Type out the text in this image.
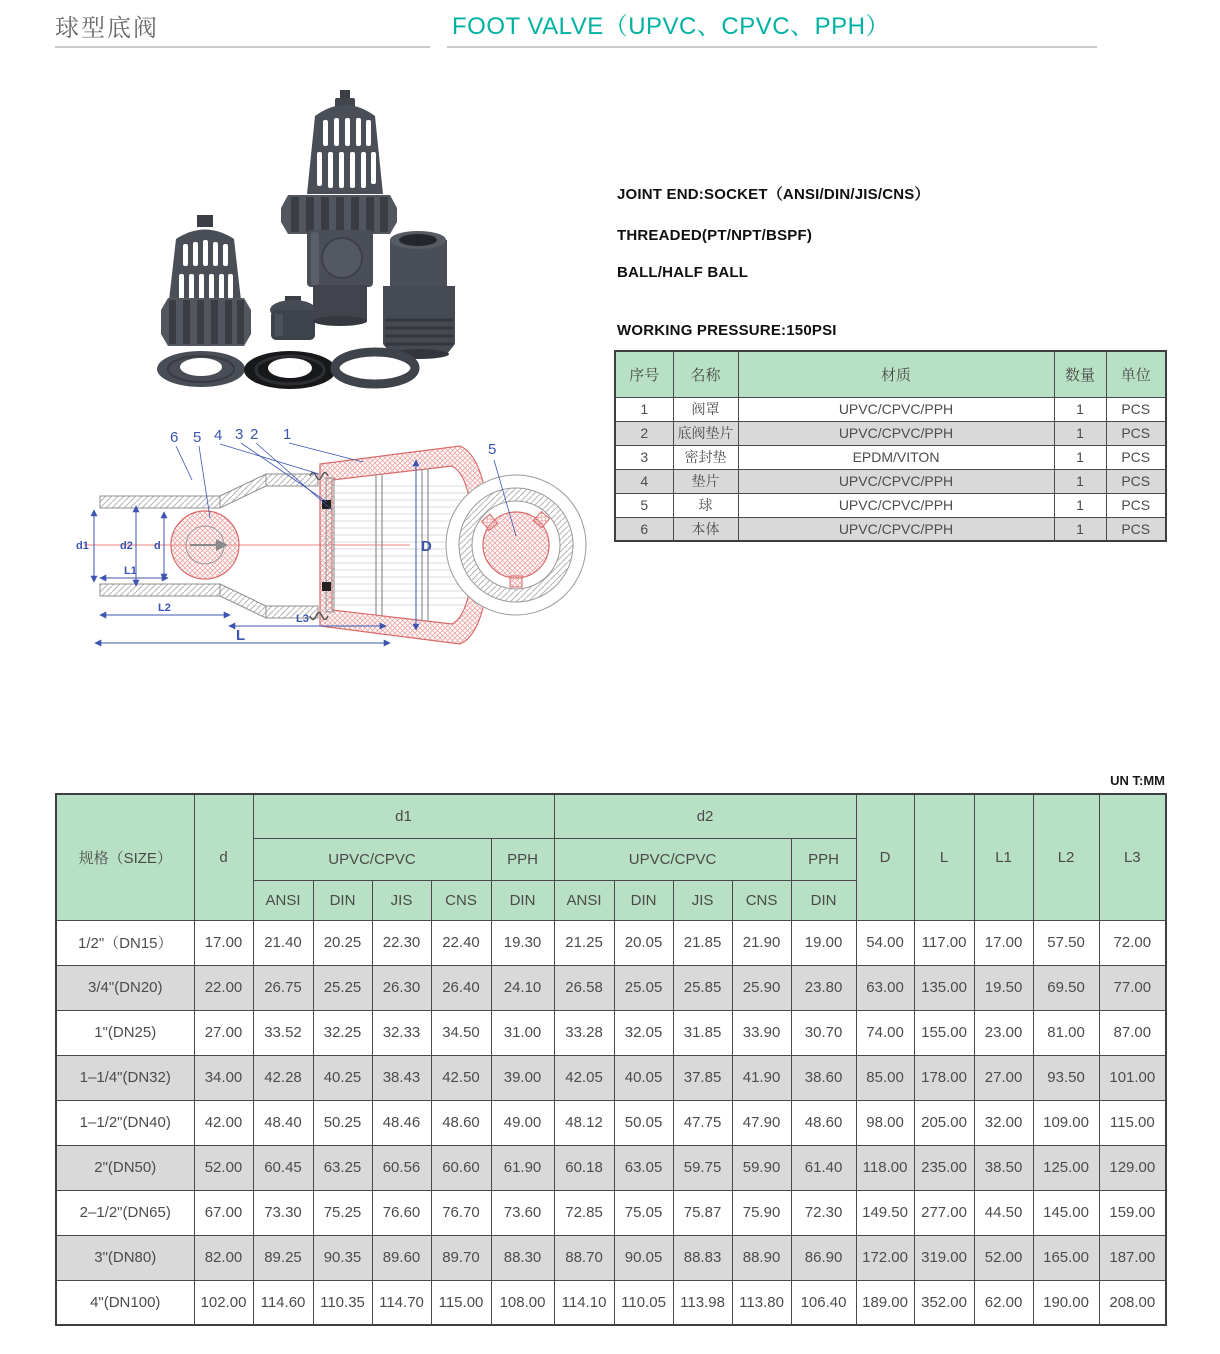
球型底阀	FOOT VALVE（UPVC、CPVC、PPH）
JOINT END:SOCKET（ANSI/DIN/JIS/CNS）
THREADED(PT/NPT/BSPF)
BALL/HALF BALL
WORKING PRESSURE:150PSI
序号	名称	材质	数量	单位
1	阀罩	UPVC/CPVC/PPH	1	PCS
2	底阀垫片	UPVC/CPVC/PPH	1	PCS
3	密封垫	EPDM/VITON	1	PCS
4	垫片	UPVC/CPVC/PPH	1	PCS
5	球	UPVC/CPVC/PPH	1	PCS
6	本体	UPVC/CPVC/PPH	1	PCS
6 5 4 3 2 1
d1	d2 d
L1
L2
L3
L
D
5
UN T:MM
规格（SIZE）	d	d1					d2					D	L	L1	L2	L3
		UPVC/CPVC				PPH	UPVC/CPVC				PPH					
		ANSI	DIN	JIS	CNS	DIN	ANSI	DIN	JIS	CNS	DIN					
1/2"（DN15）	17.00	21.40	20.25	22.30	22.40	19.30	21.25	20.05	21.85	21.90	19.00	54.00	117.00	17.00	57.50	72.00
3/4"(DN20)	22.00	26.75	25.25	26.30	26.40	24.10	26.58	25.05	25.85	25.90	23.80	63.00	135.00	19.50	69.50	77.00
1"(DN25)	27.00	33.52	32.25	32.33	34.50	31.00	33.28	32.05	31.85	33.90	30.70	74.00	155.00	23.00	81.00	87.00
1–1/4"(DN32)	34.00	42.28	40.25	38.43	42.50	39.00	42.05	40.05	37.85	41.90	38.60	85.00	178.00	27.00	93.50	101.00
1–1/2"(DN40)	42.00	48.40	50.25	48.46	48.60	49.00	48.12	50.05	47.75	47.90	48.60	98.00	205.00	32.00	109.00	115.00
2"(DN50)	52.00	60.45	63.25	60.56	60.60	61.90	60.18	63.05	59.75	59.90	61.40	118.00	235.00	38.50	125.00	129.00
2–1/2"(DN65)	67.00	73.30	75.25	76.60	76.70	73.60	72.85	75.05	75.87	75.90	72.30	149.50	277.00	44.50	145.00	159.00
3"(DN80)	82.00	89.25	90.35	89.60	89.70	88.30	88.70	90.05	88.83	88.90	86.90	172.00	319.00	52.00	165.00	187.00
4"(DN100)	102.00	114.60	110.35	114.70	115.00	108.00	114.10	110.05	113.98	113.80	106.40	189.00	352.00	62.00	190.00	208.00
